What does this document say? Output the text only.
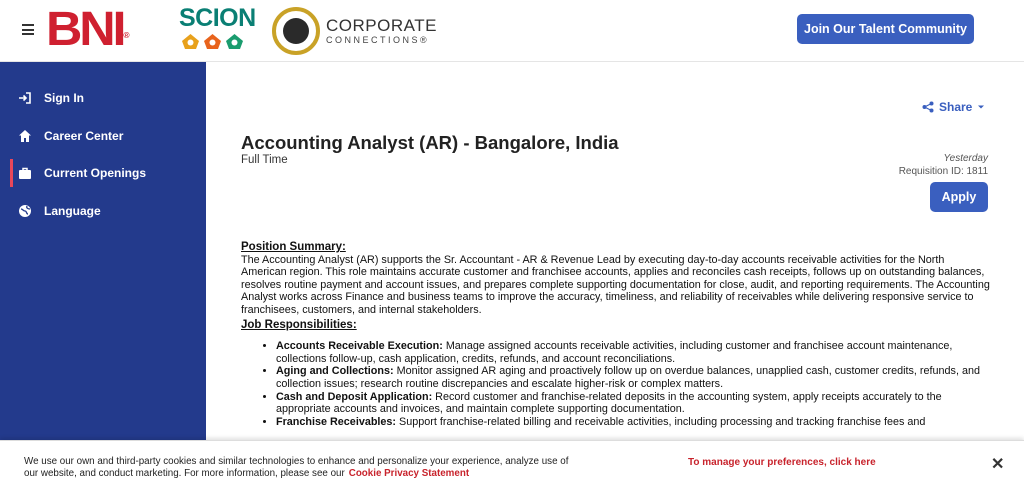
BNI®
SCION	CORPORATE
CONNECTIONS®
Join Our Talent Community
Sign In
Career Center
Current Openings
Language
Share
Accounting Analyst (AR) - Bangalore, India
Full Time	Yesterday
Requisition ID: 1811
Apply
Position Summary:

The Accounting Analyst (AR) supports the Sr. Accountant - AR & Revenue Lead by executing day-to-day accounts receivable activities for the North American region. This role maintains accurate customer and franchisee accounts, applies and reconciles cash receipts, follows up on outstanding balances, resolves routine payment and account issues, and prepares complete supporting documentation for close, audit, and reporting requirements. The Accounting Analyst works across Finance and business teams to improve the accuracy, timeliness, and reliability of receivables while delivering responsive service to franchisees, customers, and internal stakeholders.

Job Responsibilities:
• Accounts Receivable Execution: Manage assigned accounts receivable activities, including customer and franchisee account maintenance, collections follow-up, cash application, credits, refunds, and account reconciliations.
• Aging and Collections: Monitor assigned AR aging and proactively follow up on overdue balances, unapplied cash, customer credits, refunds, and collection issues; research routine discrepancies and escalate higher-risk or complex matters.
• Cash and Deposit Application: Record customer and franchise-related deposits in the accounting system, apply receipts accurately to the appropriate accounts and invoices, and maintain complete supporting documentation.
• Franchise Receivables: Support franchise-related billing and receivable activities, including processing and tracking franchise fees and
We use our own and third-party cookies and similar technologies to enhance and personalize your experience, analyze use of our website, and conduct marketing. For more information, please see our Cookie Privacy Statement
To manage your preferences, click here	✕
